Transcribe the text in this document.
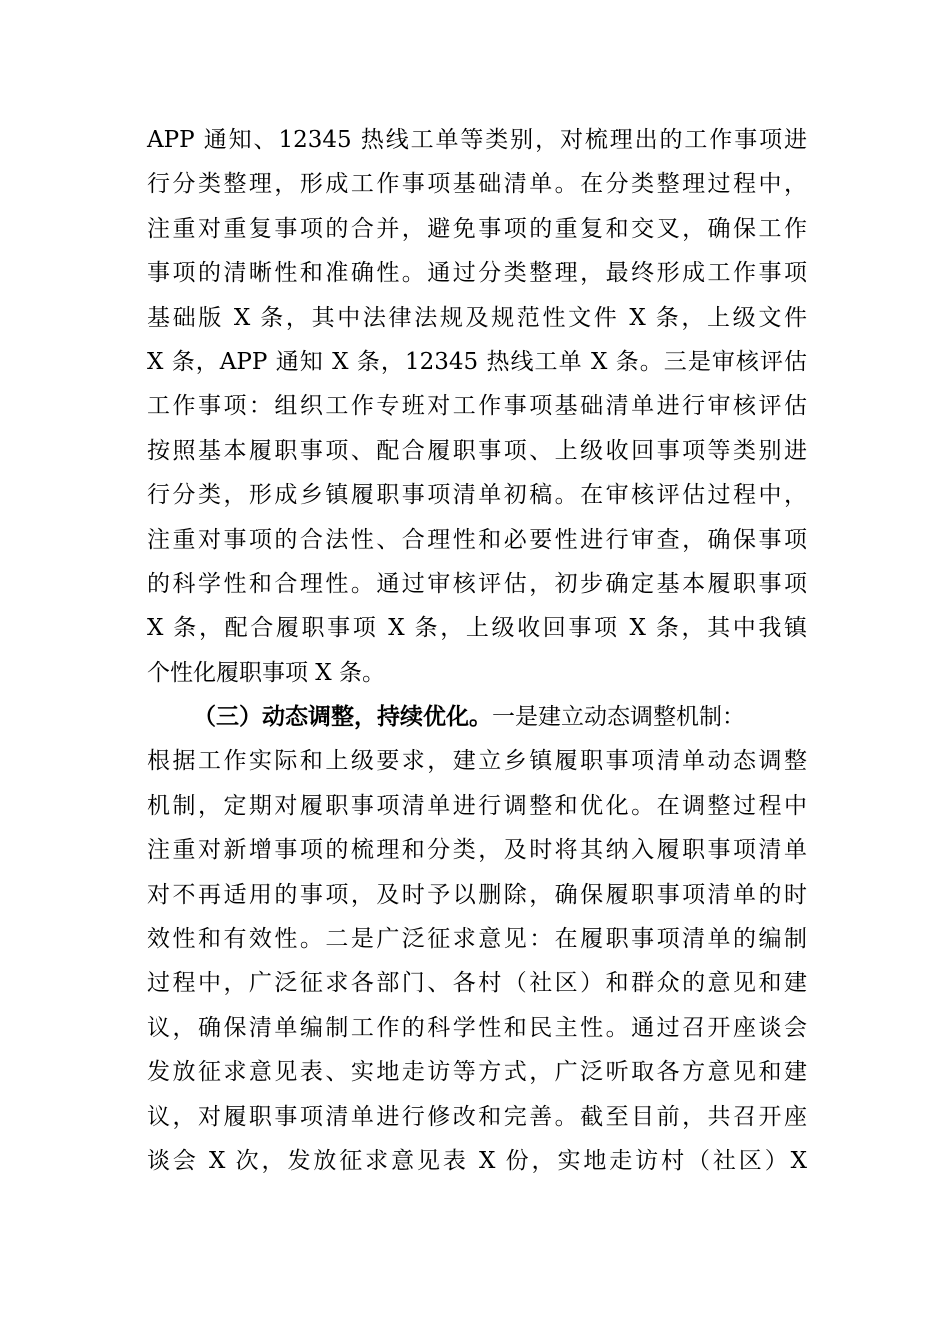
APP 通知、12345 热线工单等类别，对梳理出的工作事项进
行分类整理，形成工作事项基础清单。在分类整理过程中，
注重对重复事项的合并，避免事项的重复和交叉，确保工作
事项的清晰性和准确性。通过分类整理，最终形成工作事项
基础版 X 条，其中法律法规及规范性文件 X 条，上级文件
X 条，APP 通知 X 条，12345 热线工单 X 条。三是审核评估
工作事项：组织工作专班对工作事项基础清单进行审核评估
按照基本履职事项、配合履职事项、上级收回事项等类别进
行分类，形成乡镇履职事项清单初稿。在审核评估过程中，
注重对事项的合法性、合理性和必要性进行审查，确保事项
的科学性和合理性。通过审核评估，初步确定基本履职事项
X 条，配合履职事项 X 条，上级收回事项 X 条，其中我镇
个性化履职事项 X 条。
（三）动态调整，持续优化。一是建立动态调整机制：
根据工作实际和上级要求，建立乡镇履职事项清单动态调整
机制，定期对履职事项清单进行调整和优化。在调整过程中
注重对新增事项的梳理和分类，及时将其纳入履职事项清单
对不再适用的事项，及时予以删除，确保履职事项清单的时
效性和有效性。二是广泛征求意见：在履职事项清单的编制
过程中，广泛征求各部门、各村（社区）和群众的意见和建
议，确保清单编制工作的科学性和民主性。通过召开座谈会
发放征求意见表、实地走访等方式，广泛听取各方意见和建
议，对履职事项清单进行修改和完善。截至目前，共召开座
谈会 X 次，发放征求意见表 X 份，实地走访村（社区）X
